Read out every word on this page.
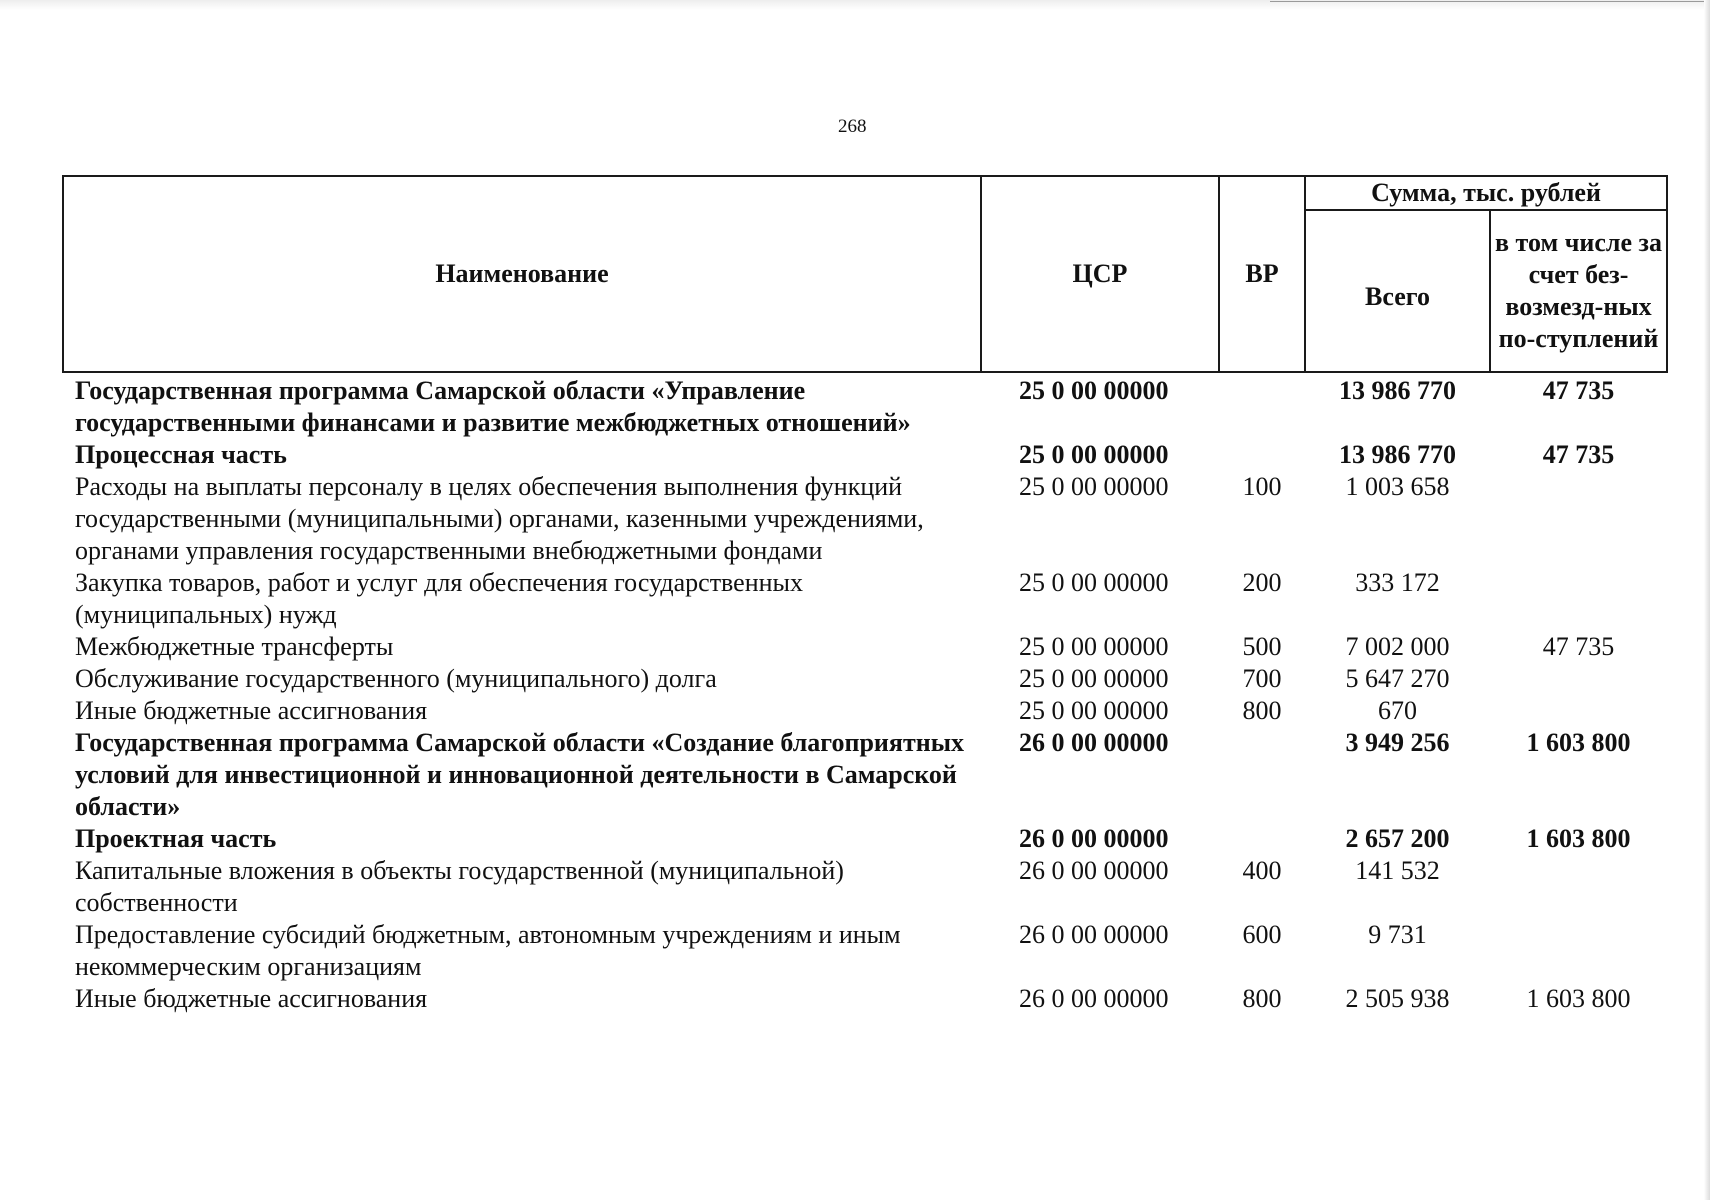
268
Наименование	ЦСР	ВР	Сумма, тыс. рублей	
			Всего	в том числе за счет без-возмезд-ных по-ступлений
Государственная программа Самарской области «Управление государственными финансами и развитие межбюджетных отношений»	25 0 00 00000		13 986 770	47 735
Процессная часть	25 0 00 00000		13 986 770	47 735
Расходы на выплаты персоналу в целях обеспечения выполнения функций государственными (муниципальными) органами, казенными учреждениями, органами управления государственными внебюджетными фондами	25 0 00 00000	100	1 003 658	
Закупка товаров, работ и услуг для обеспечения государственных (муниципальных) нужд	25 0 00 00000	200	333 172	
Межбюджетные трансферты	25 0 00 00000	500	7 002 000	47 735
Обслуживание государственного (муниципального) долга	25 0 00 00000	700	5 647 270	
Иные бюджетные ассигнования	25 0 00 00000	800	670	
Государственная программа Самарской области «Создание благоприятных условий для инвестиционной и инновационной деятельности в Самарской области»	26 0 00 00000		3 949 256	1 603 800
Проектная часть	26 0 00 00000		2 657 200	1 603 800
Капитальные вложения в объекты государственной (муниципальной) собственности	26 0 00 00000	400	141 532	
Предоставление субсидий бюджетным, автономным учреждениям и иным некоммерческим организациям	26 0 00 00000	600	9 731	
Иные бюджетные ассигнования	26 0 00 00000	800	2 505 938	1 603 800
